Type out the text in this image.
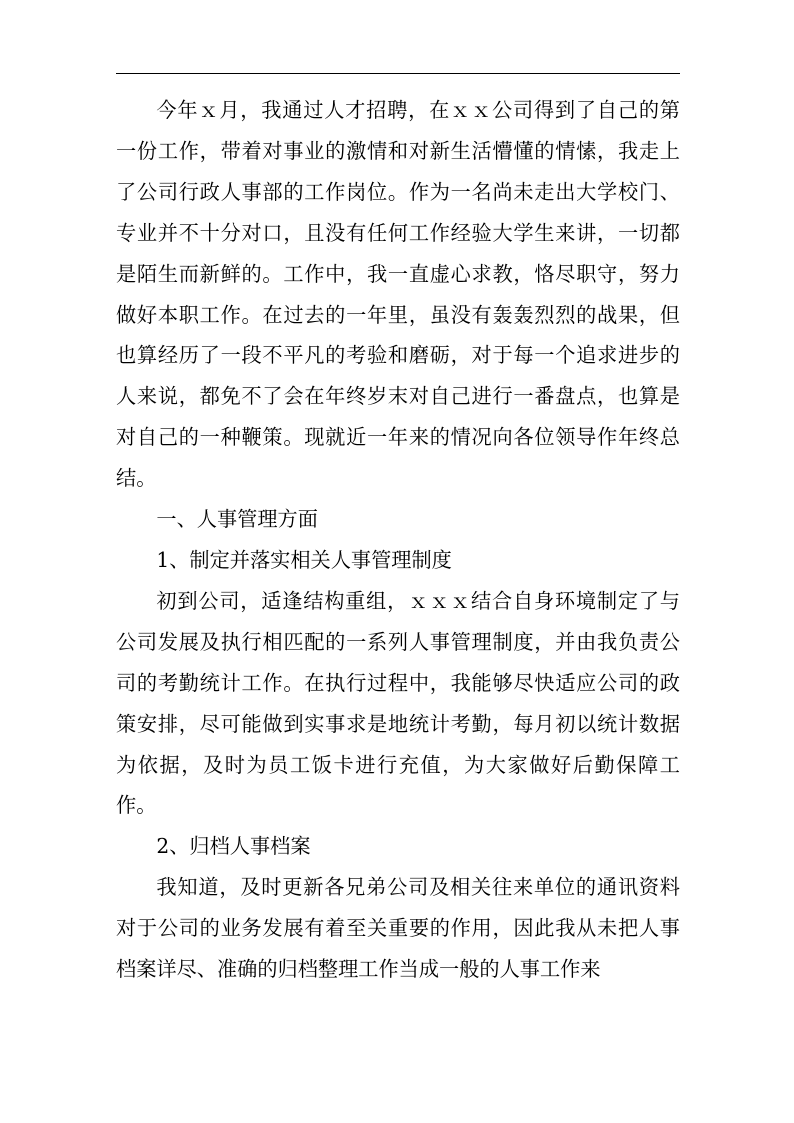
今年ｘ月，我通过人才招聘，在ｘｘ公司得到了自己的第一份工作，带着对事业的激情和对新生活懵懂的情愫，我走上了公司行政人事部的工作岗位。作为一名尚未走出大学校门、专业并不十分对口，且没有任何工作经验大学生来讲，一切都是陌生而新鲜的。工作中，我一直虚心求教，恪尽职守，努力做好本职工作。在过去的一年里，虽没有轰轰烈烈的战果，但也算经历了一段不平凡的考验和磨砺，对于每一个追求进步的人来说，都免不了会在年终岁末对自己进行一番盘点，也算是对自己的一种鞭策。现就近一年来的情况向各位领导作年终总结。

一、人事管理方面

1、制定并落实相关人事管理制度

初到公司，适逢结构重组，ｘｘｘ结合自身环境制定了与公司发展及执行相匹配的一系列人事管理制度，并由我负责公司的考勤统计工作。在执行过程中，我能够尽快适应公司的政策安排，尽可能做到实事求是地统计考勤，每月初以统计数据为依据，及时为员工饭卡进行充值，为大家做好后勤保障工作。

2、归档人事档案

我知道，及时更新各兄弟公司及相关往来单位的通讯资料对于公司的业务发展有着至关重要的作用，因此我从未把人事档案详尽、准确的归档整理工作当成一般的人事工作来
